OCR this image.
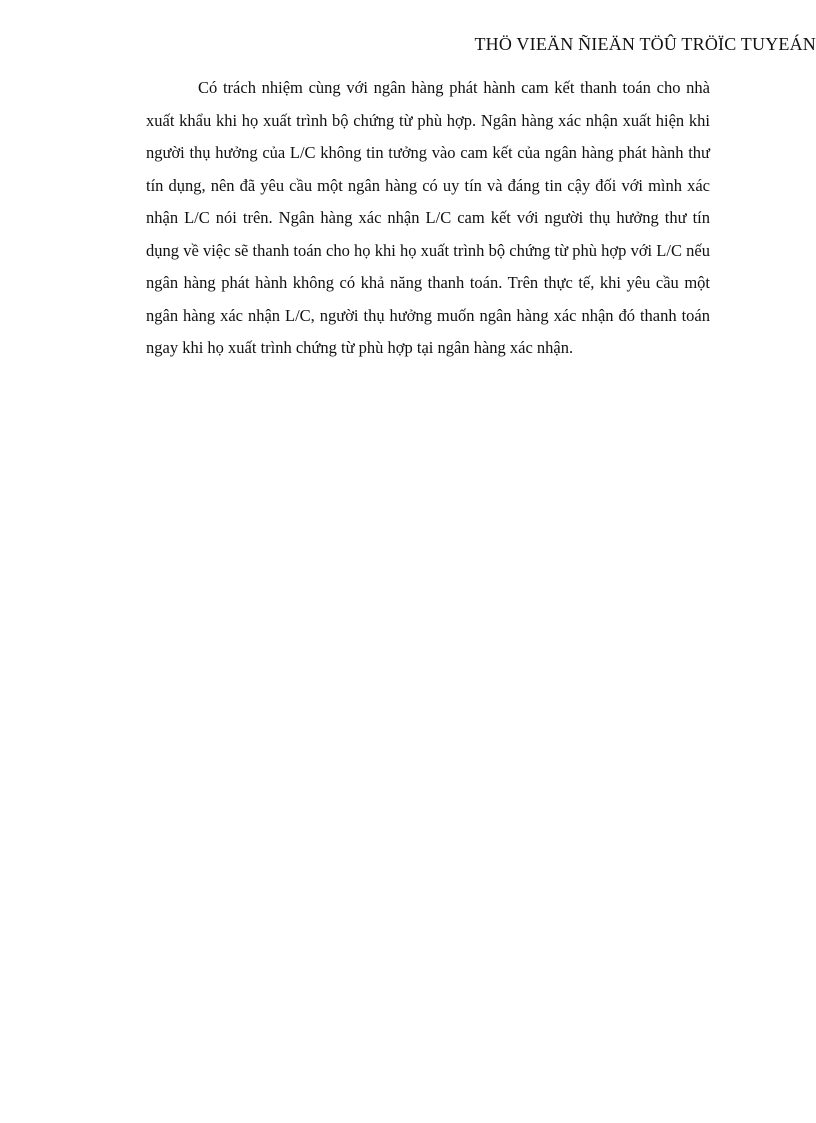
THÖ VIEÄN ÑIEÄN TÖÛ TRÖÏC TUYEÁN

Có trách nhiệm cùng với ngân hàng phát hành cam kết thanh toán cho nhà xuất khẩu khi họ xuất trình bộ chứng từ phù hợp. Ngân hàng xác nhận xuất hiện khi người thụ hưởng của L/C không tin tưởng vào cam kết của ngân hàng phát hành thư tín dụng, nên đã yêu cầu một ngân hàng có uy tín và đáng tin cậy đối với mình xác nhận L/C nói trên. Ngân hàng xác nhận L/C cam kết với người thụ hưởng thư tín dụng về việc sẽ thanh toán cho họ khi họ xuất trình bộ chứng từ phù hợp với L/C nếu ngân hàng phát hành không có khả năng thanh toán. Trên thực tế, khi yêu cầu một ngân hàng xác nhận L/C, người thụ hưởng muốn ngân hàng xác nhận đó thanh toán ngay khi họ xuất trình chứng từ phù hợp tại ngân hàng xác nhận.
